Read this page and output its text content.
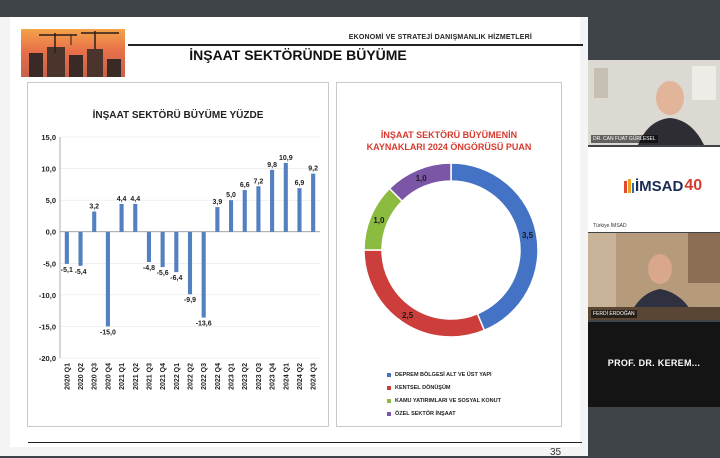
EKONOMİ VE STRATEJİ DANIŞMANLIK HİZMETLERİ
İNŞAAT SEKTÖRÜNDE BÜYÜME
İNŞAAT SEKTÖRÜ BÜYÜME YÜZDE
15,0
10,0
5,0
0,0
-5,0
-10,0
-15,0
-20,0
-5,1
2020 Q1
-5,4
2020 Q2
3,2
2020 Q3
-15,0
2020 Q4
4,4
2021 Q1
4,4
2021 Q2
-4,8
2021 Q3
-5,6
2021 Q4
-6,4
2022 Q1
-9,9
2022 Q2
-13,6
2022 Q3
3,9
2022 Q4
5,0
2023 Q1
6,6
2023 Q2
7,2
2023 Q3
9,8
2023 Q4
10,9
2024 Q1
6,9
2024 Q2
9,2
2024 Q3
İNŞAAT SEKTÖRÜ BÜYÜMENİN
KAYNAKLARI 2024 ÖNGÖRÜSÜ PUAN
3,5
2,5
1,0
1,0
DEPREM BÖLGESİ ALT VE ÜST YAPI
KENTSEL DÖNÜŞÜM
KAMU YATIRIMLARI VE SOSYAL KONUT
ÖZEL SEKTÖR İNŞAAT
35
DR. CAN FUAT GÜRLESEL
İMSAD 40
Türkiye İMSAD
FERDİ ERDOĞAN
PROF. DR. KEREM...
